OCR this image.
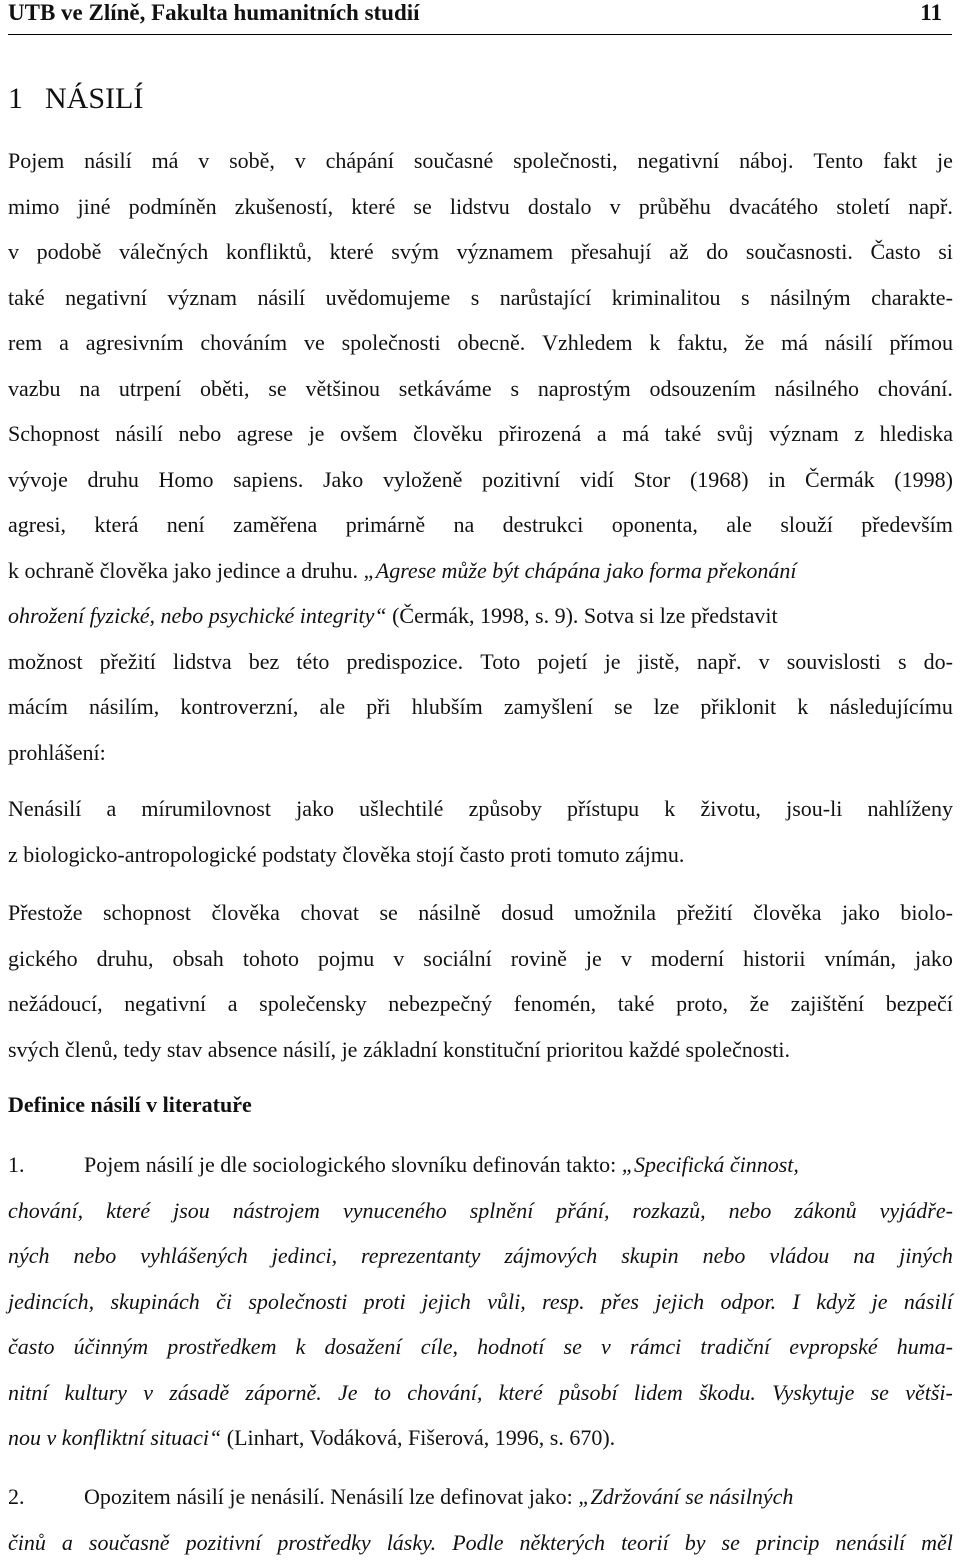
UTB ve Zlíně, Fakulta humanitních studií	11
1 NÁSILÍ
Pojem násilí má v sobě, v chápání současné společnosti, negativní náboj. Tento fakt je
mimo jiné podmíněn zkušeností, které se lidstvu dostalo v průběhu dvacátého století např.
v podobě válečných konfliktů, které svým významem přesahují až do současnosti. Často si
také negativní význam násilí uvědomujeme s narůstající kriminalitou s násilným charakte-
rem a agresivním chováním ve společnosti obecně. Vzhledem k faktu, že má násilí přímou
vazbu na utrpení oběti, se většinou setkáváme s naprostým odsouzením násilného chování.
Schopnost násilí nebo agrese je ovšem člověku přirozená a má také svůj význam z hlediska
vývoje druhu Homo sapiens. Jako vyloženě pozitivní vidí Stor (1968) in Čermák (1998)
agresi, která není zaměřena primárně na destrukci oponenta, ale slouží především
k ochraně člověka jako jedince a druhu. „Agrese může být chápána jako forma překonání
ohrožení fyzické, nebo psychické integrity“ (Čermák, 1998, s. 9). Sotva si lze představit
možnost přežití lidstva bez této predispozice. Toto pojetí je jistě, např. v souvislosti s do-
mácím násilím, kontroverzní, ale při hlubším zamyšlení se lze přiklonit k následujícímu
prohlášení:
Nenásilí a mírumilovnost jako ušlechtilé způsoby přístupu k životu, jsou-li nahlíženy
z biologicko-antropologické podstaty člověka stojí často proti tomuto zájmu.
Přestože schopnost člověka chovat se násilně dosud umožnila přežití člověka jako biolo-
gického druhu, obsah tohoto pojmu v sociální rovině je v moderní historii vnímán, jako
nežádoucí, negativní a společensky nebezpečný fenomén, také proto, že zajištění bezpečí
svých členů, tedy stav absence násilí, je základní konstituční prioritou každé společnosti.
Definice násilí v literatuře
1.	Pojem násilí je dle sociologického slovníku definován takto: „Specifická činnost,
chování, které jsou nástrojem vynuceného splnění přání, rozkazů, nebo zákonů vyjádře-
ných nebo vyhlášených jedinci, reprezentanty zájmových skupin nebo vládou na jiných
jedincích, skupinách či společnosti proti jejich vůli, resp. přes jejich odpor. I když je násilí
často účinným prostředkem k dosažení cíle, hodnotí se v rámci tradiční evpropské huma-
nitní kultury v zásadě záporně. Je to chování, které působí lidem škodu. Vyskytuje se větši-
nou v konfliktní situaci“ (Linhart, Vodáková, Fišerová, 1996, s. 670).
2.	Opozitem násilí je nenásilí. Nenásilí lze definovat jako: „Zdržování se násilných
činů a současně pozitivní prostředky lásky. Podle některých teorií by se princip nenásilí měl
